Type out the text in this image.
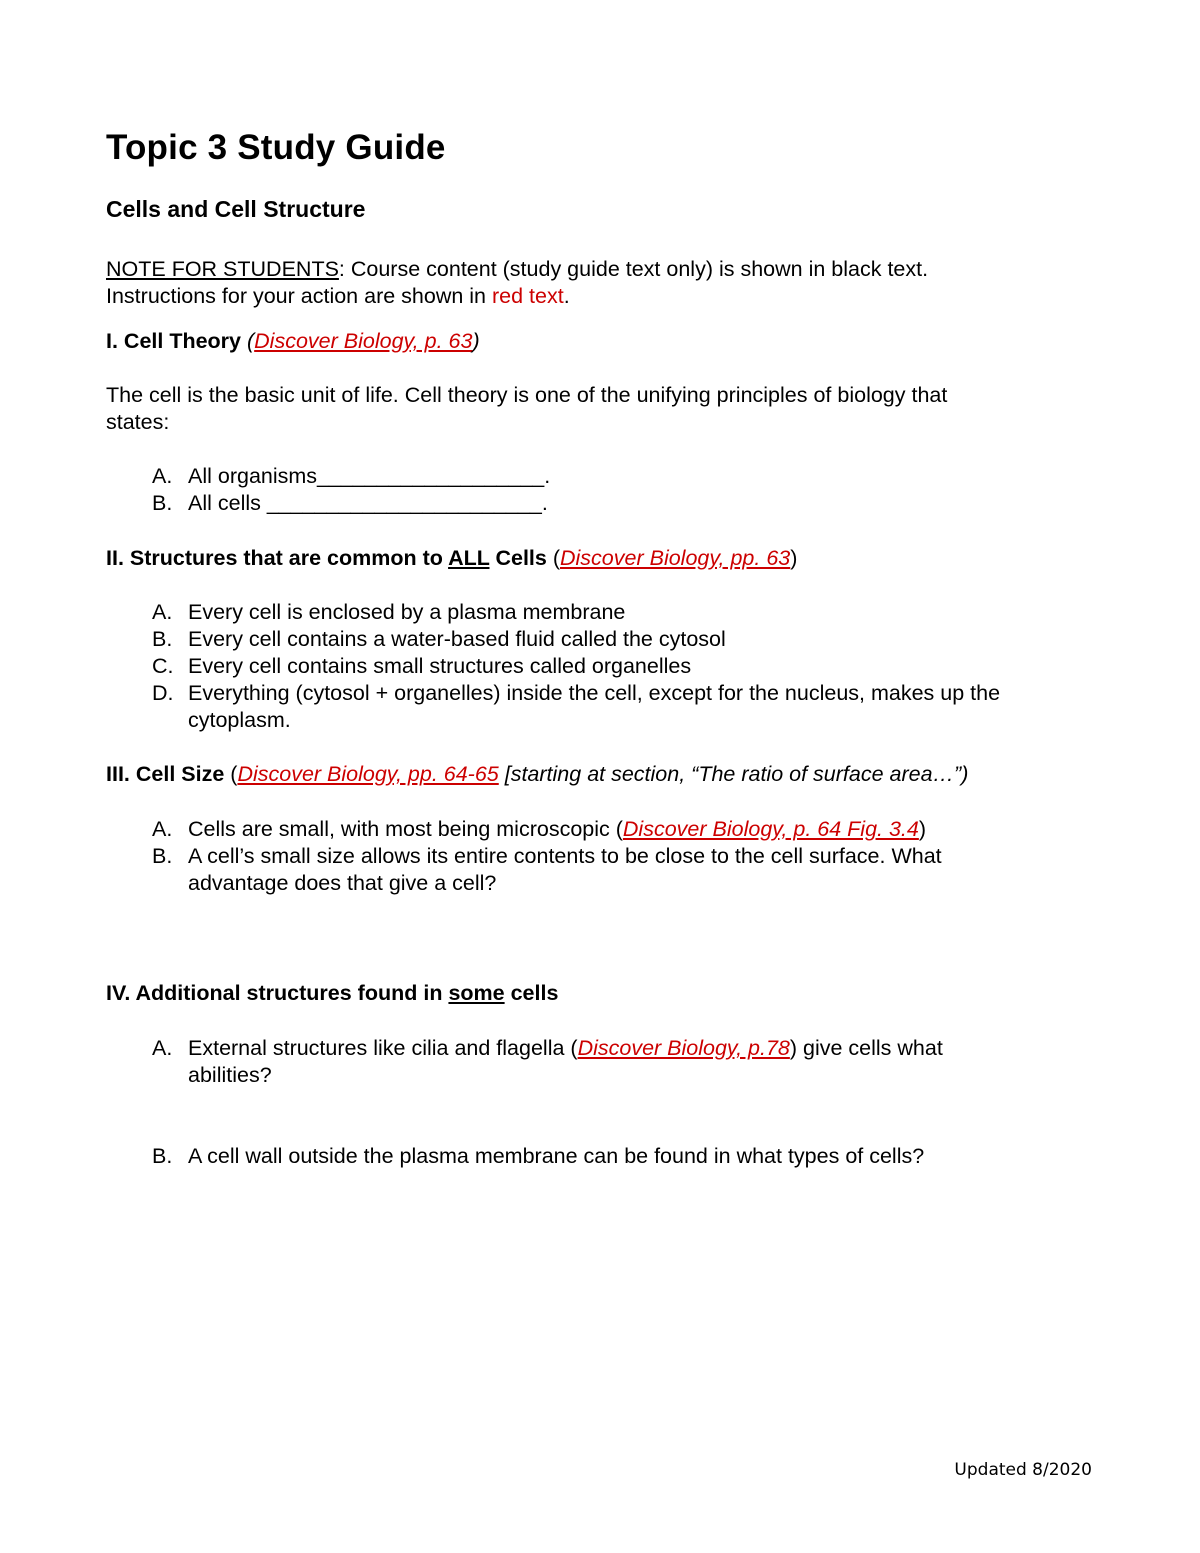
Topic 3 Study Guide
Cells and Cell Structure
NOTE FOR STUDENTS: Course content (study guide text only) is shown in black text.
Instructions for your action are shown in red text.
I. Cell Theory (Discover Biology, p. 63)
The cell is the basic unit of life. Cell theory is one of the unifying principles of biology that
states:
A. All organisms___________________.
B. All cells _______________________.
II. Structures that are common to ALL Cells (Discover Biology, pp. 63)
A. Every cell is enclosed by a plasma membrane
B. Every cell contains a water-based fluid called the cytosol
C. Every cell contains small structures called organelles
D. Everything (cytosol + organelles) inside the cell, except for the nucleus, makes up the
cytoplasm.
III. Cell Size (Discover Biology, pp. 64-65 [starting at section, “The ratio of surface area…”)
A. Cells are small, with most being microscopic (Discover Biology, p. 64 Fig. 3.4)
B. A cell’s small size allows its entire contents to be close to the cell surface. What
advantage does that give a cell?
IV. Additional structures found in some cells
A. External structures like cilia and flagella (Discover Biology, p.78) give cells what
abilities?
B. A cell wall outside the plasma membrane can be found in what types of cells?
Updated 8/2020
